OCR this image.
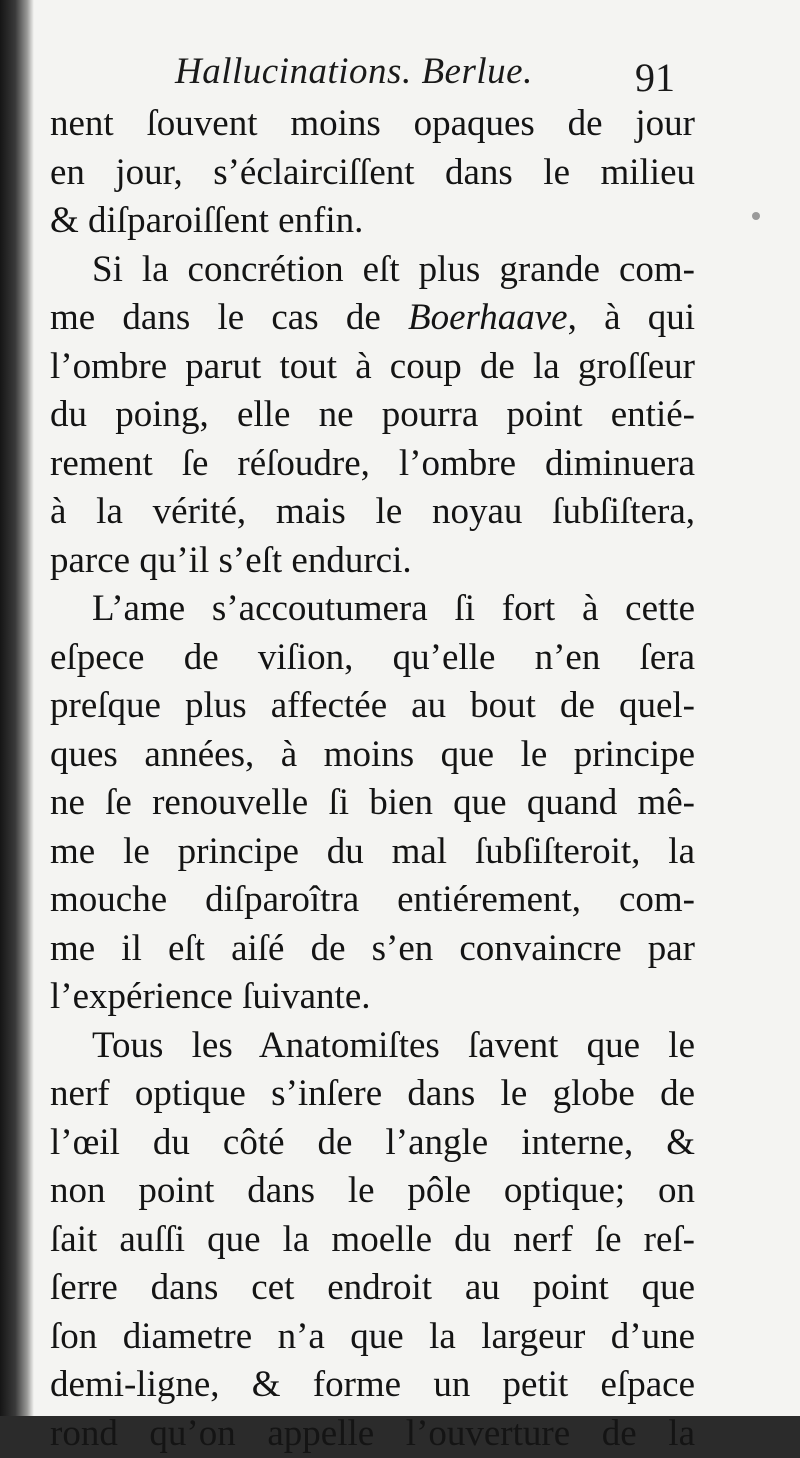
Hallucinations. Berlue.	91
nent ſouvent moins opaques de jour
en jour, s’éclairciſſent dans le milieu
& diſparoiſſent enfin.
Si la concrétion eſt plus grande com-
me dans le cas de Boerhaave, à qui
l’ombre parut tout à coup de la groſſeur
du poing, elle ne pourra point entié-
rement ſe réſoudre, l’ombre diminuera
à la vérité, mais le noyau ſubſiſtera,
parce qu’il s’eſt endurci.
L’ame s’accoutumera ſi fort à cette
eſpece de viſion, qu’elle n’en ſera
preſque plus affectée au bout de quel-
ques années, à moins que le principe
ne ſe renouvelle ſi bien que quand mê-
me le principe du mal ſubſiſteroit, la
mouche diſparoîtra entiérement, com-
me il eſt aiſé de s’en convaincre par
l’expérience ſuivante.
Tous les Anatomiſtes ſavent que le
nerf optique s’inſere dans le globe de
l’œil du côté de l’angle interne, &
non point dans le pôle optique; on
ſait auſſi que la moelle du nerf ſe reſ-
ſerre dans cet endroit au point que
ſon diametre n’a que la largeur d’une
demi-ligne, & forme un petit eſpace
rond qu’on appelle l’ouverture de la
